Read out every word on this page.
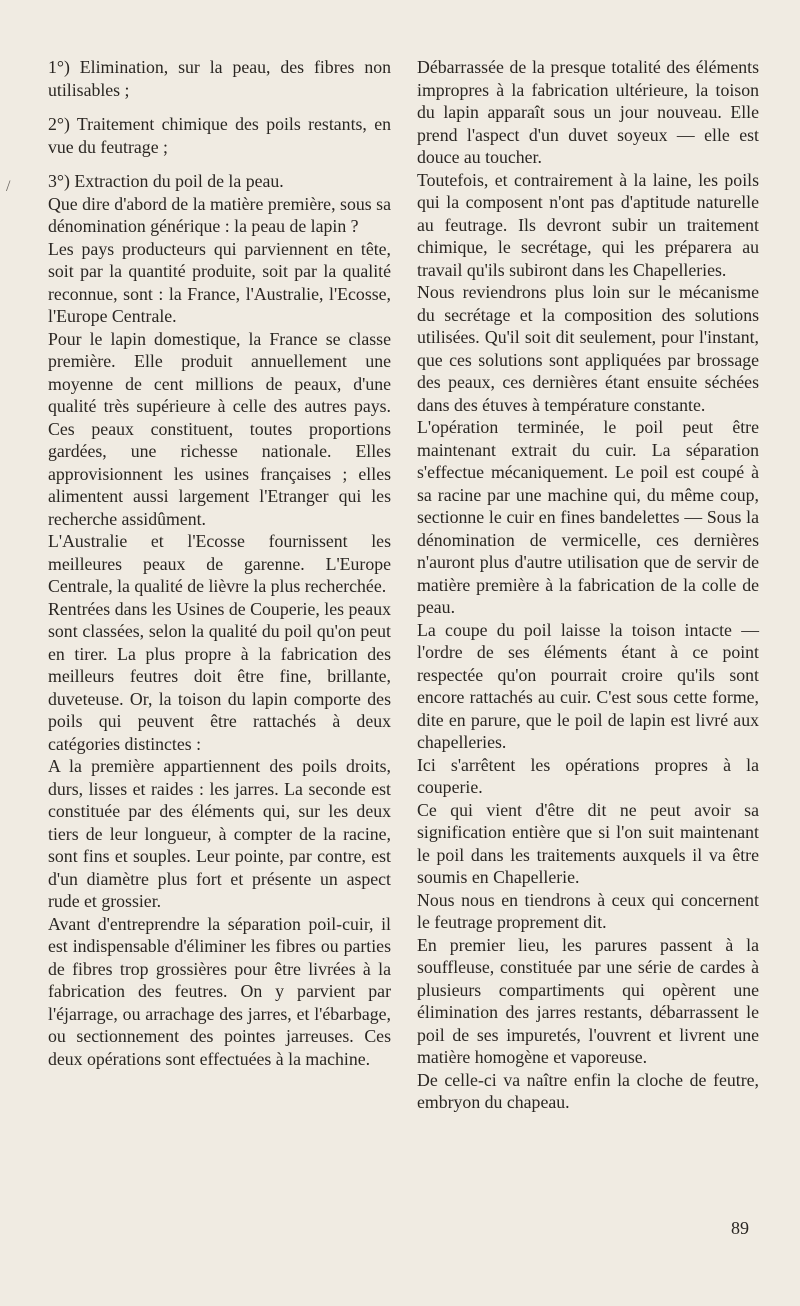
/

1°) Elimination, sur la peau, des fibres non utilisables ;

2°) Traitement chimique des poils restants, en vue du feutrage ;

3°) Extraction du poil de la peau.

Que dire d'abord de la matière première, sous sa dénomination générique : la peau de lapin ?

Les pays producteurs qui parviennent en tête, soit par la quantité produite, soit par la qualité reconnue, sont : la France, l'Australie, l'Ecosse, l'Europe Centrale.

Pour le lapin domestique, la France se classe première. Elle produit annuellement une moyenne de cent millions de peaux, d'une qualité très supérieure à celle des autres pays. Ces peaux constituent, toutes proportions gardées, une richesse nationale. Elles approvisionnent les usines françaises ; elles alimentent aussi largement l'Etranger qui les recherche assidûment.

L'Australie et l'Ecosse fournissent les meilleures peaux de garenne. L'Europe Centrale, la qualité de lièvre la plus recherchée.

Rentrées dans les Usines de Couperie, les peaux sont classées, selon la qualité du poil qu'on peut en tirer. La plus propre à la fabrication des meilleurs feutres doit être fine, brillante, duveteuse. Or, la toison du lapin comporte des poils qui peuvent être rattachés à deux catégories distinctes :

A la première appartiennent des poils droits, durs, lisses et raides : les jarres. La seconde est constituée par des éléments qui, sur les deux tiers de leur longueur, à compter de la racine, sont fins et souples. Leur pointe, par contre, est d'un diamètre plus fort et présente un aspect rude et grossier.

Avant d'entreprendre la séparation poil-cuir, il est indispensable d'éliminer les fibres ou parties de fibres trop grossières pour être livrées à la fabrication des feutres. On y parvient par l'éjarrage, ou arrachage des jarres, et l'ébarbage, ou sectionnement des pointes jarreuses. Ces deux opérations sont effectuées à la machine.

Débarrassée de la presque totalité des éléments impropres à la fabrication ultérieure, la toison du lapin apparaît sous un jour nouveau. Elle prend l'aspect d'un duvet soyeux — elle est douce au toucher.

Toutefois, et contrairement à la laine, les poils qui la composent n'ont pas d'aptitude naturelle au feutrage. Ils devront subir un traitement chimique, le secrétage, qui les préparera au travail qu'ils subiront dans les Chapelleries.

Nous reviendrons plus loin sur le mécanisme du secrétage et la composition des solutions utilisées. Qu'il soit dit seulement, pour l'instant, que ces solutions sont appliquées par brossage des peaux, ces dernières étant ensuite séchées dans des étuves à température constante.

L'opération terminée, le poil peut être maintenant extrait du cuir. La séparation s'effectue mécaniquement. Le poil est coupé à sa racine par une machine qui, du même coup, sectionne le cuir en fines bandelettes — Sous la dénomination de vermicelle, ces dernières n'auront plus d'autre utilisation que de servir de matière première à la fabrication de la colle de peau.

La coupe du poil laisse la toison intacte — l'ordre de ses éléments étant à ce point respectée qu'on pourrait croire qu'ils sont encore rattachés au cuir. C'est sous cette forme, dite en parure, que le poil de lapin est livré aux chapelleries.

Ici s'arrêtent les opérations propres à la couperie.

Ce qui vient d'être dit ne peut avoir sa signification entière que si l'on suit maintenant le poil dans les traitements auxquels il va être soumis en Chapellerie.

Nous nous en tiendrons à ceux qui concernent le feutrage proprement dit.

En premier lieu, les parures passent à la souffleuse, constituée par une série de cardes à plusieurs compartiments qui opèrent une élimination des jarres restants, débarrassent le poil de ses impuretés, l'ouvrent et livrent une matière homogène et vaporeuse.

De celle-ci va naître enfin la cloche de feutre, embryon du chapeau.

89
